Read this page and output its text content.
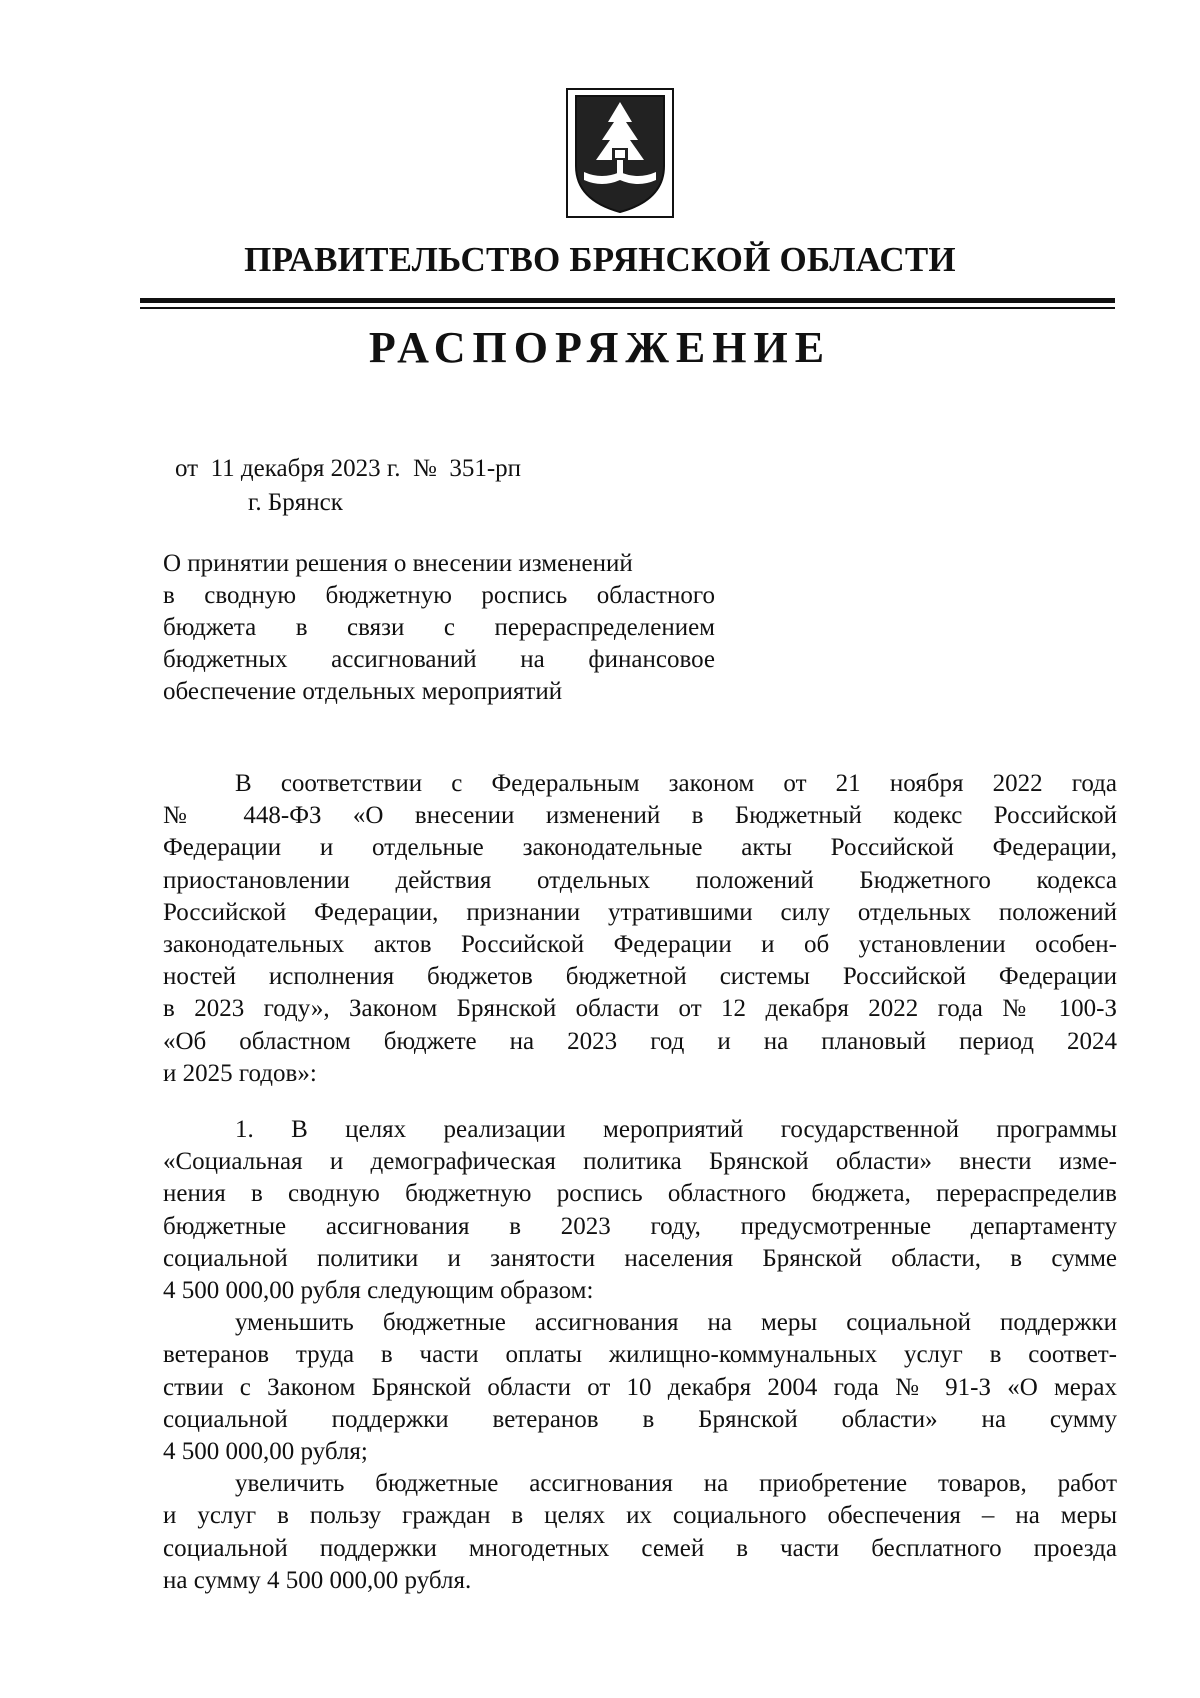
ПРАВИТЕЛЬСТВО БРЯНСКОЙ ОБЛАСТИ
РАСПОРЯЖЕНИЕ
от  11 декабря 2023 г.  №  351-рп
г. Брянск
О принятии решения о внесении изменений
в сводную бюджетную роспись областного
бюджета в связи с перераспределением
бюджетных ассигнований на финансовое
обеспечение отдельных мероприятий
В соответствии с Федеральным законом от 21 ноября 2022 года
№ 448-ФЗ «О внесении изменений в Бюджетный кодекс Российской
Федерации и отдельные законодательные акты Российской Федерации,
приостановлении действия отдельных положений Бюджетного кодекса
Российской Федерации, признании утратившими силу отдельных положений
законодательных актов Российской Федерации и об установлении особен-
ностей исполнения бюджетов бюджетной системы Российской Федерации
в 2023 году», Законом Брянской области от 12 декабря 2022 года № 100-З
«Об областном бюджете на 2023 год и на плановый период 2024
и 2025 годов»:
1. В целях реализации мероприятий государственной программы
«Социальная и демографическая политика Брянской области» внести изме-
нения в сводную бюджетную роспись областного бюджета, перераспределив
бюджетные ассигнования в 2023 году, предусмотренные департаменту
социальной политики и занятости населения Брянской области, в сумме
4 500 000,00 рубля следующим образом:
уменьшить бюджетные ассигнования на меры социальной поддержки
ветеранов труда в части оплаты жилищно-коммунальных услуг в соответ-
ствии с Законом Брянской области от 10 декабря 2004 года № 91-З «О мерах
социальной поддержки ветеранов в Брянской области» на сумму
4 500 000,00 рубля;
увеличить бюджетные ассигнования на приобретение товаров, работ
и услуг в пользу граждан в целях их социального обеспечения – на меры
социальной поддержки многодетных семей в части бесплатного проезда
на сумму 4 500 000,00 рубля.
